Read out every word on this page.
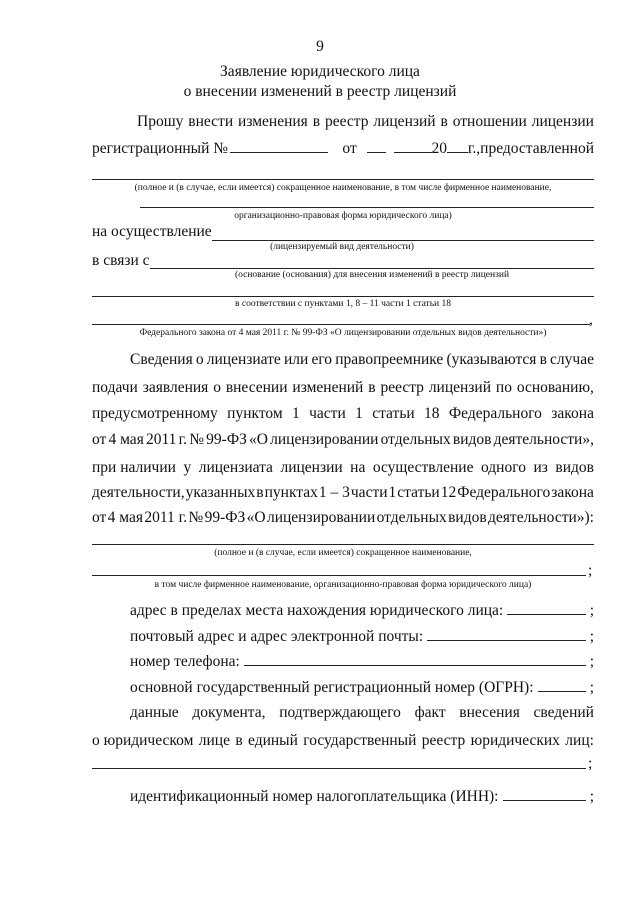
9
Заявление юридического лица
о внесении изменений в реестр лицензий
Прошу внести изменения в реестр лицензий в отношении лицензии
регистрационный №	от	20 г., предоставленной
(полное и (в случае, если имеется) сокращенное наименование, в том числе фирменное наименование,
организационно-правовая форма юридического лица)
на осуществление
(лицензируемый вид деятельности)
в связи с
(основание (основания) для внесения изменений в реестр лицензий
в соответствии с пунктами 1, 8 – 11 части 1 статьи 18
,
Федерального закона от 4 мая 2011 г. № 99-ФЗ «О лицензировании отдельных видов деятельности»)
Сведения о лицензиате или его правопреемнике (указываются в случае
подачи заявления о внесении изменений в реестр лицензий по основанию,
предусмотренному пунктом 1 части 1 статьи 18 Федерального закона
от 4 мая 2011 г. № 99-ФЗ «О лицензировании отдельных видов деятельности»,
при наличии у лицензиата лицензии на осуществление одного из видов
деятельности, указанных в пунктах 1 – 3 части 1 статьи 12 Федерального закона
от 4 мая 2011 г. № 99-ФЗ «О лицензировании отдельных видов деятельности»):
(полное и (в случае, если имеется) сокращенное наименование,
;
в том числе фирменное наименование, организационно-правовая форма юридического лица)
адрес в пределах места нахождения юридического лица:	;
почтовый адрес и адрес электронной почты:	;
номер телефона:	;
основной государственный регистрационный номер (ОГРН):	;
данные документа, подтверждающего факт внесения сведений
о юридическом лице в единый государственный реестр юридических лиц:
;
идентификационный номер налогоплательщика (ИНН):	;
